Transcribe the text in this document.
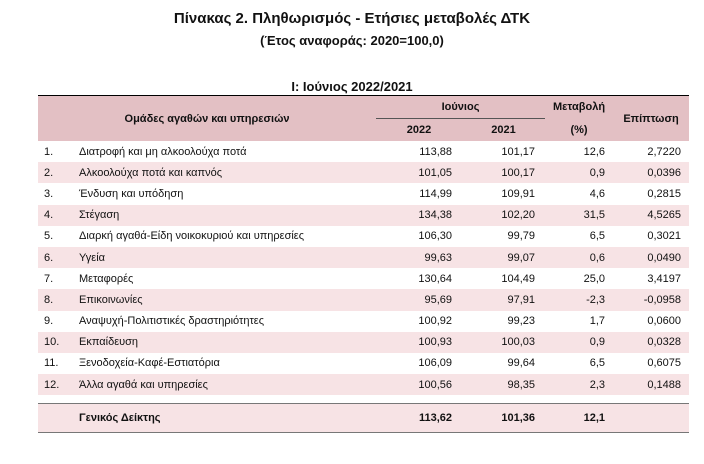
Πίνακας 2. Πληθωρισμός - Ετήσιες μεταβολές ΔΤΚ
(Έτος αναφοράς: 2020=100,0)
Ι: Ιούνιος 2022/2021
Ομάδες αγαθών και υπηρεσιών		Ιούνιος		Μεταβολή	Επίπτωση
		2022	2021	(%)	
1.	Διατροφή και μη αλκοολούχα ποτά	113,88	101,17	12,6	2,7220
2.	Αλκοολούχα ποτά και καπνός	101,05	100,17	0,9	0,0396
3.	Ένδυση και υπόδηση	114,99	109,91	4,6	0,2815
4.	Στέγαση	134,38	102,20	31,5	4,5265
5.	Διαρκή αγαθά-Είδη νοικοκυριού και υπηρεσίες	106,30	99,79	6,5	0,3021
6.	Υγεία	99,63	99,07	0,6	0,0490
7.	Μεταφορές	130,64	104,49	25,0	3,4197
8.	Επικοινωνίες	95,69	97,91	-2,3	-0,0958
9.	Αναψυχή-Πολιτιστικές δραστηριότητες	100,92	99,23	1,7	0,0600
10.	Εκπαίδευση	100,93	100,03	0,9	0,0328
11.	Ξενοδοχεία-Καφέ-Εστιατόρια	106,09	99,64	6,5	0,6075
12.	Άλλα αγαθά και υπηρεσίες	100,56	98,35	2,3	0,1488

	Γενικός Δείκτης	113,62	101,36	12,1	
